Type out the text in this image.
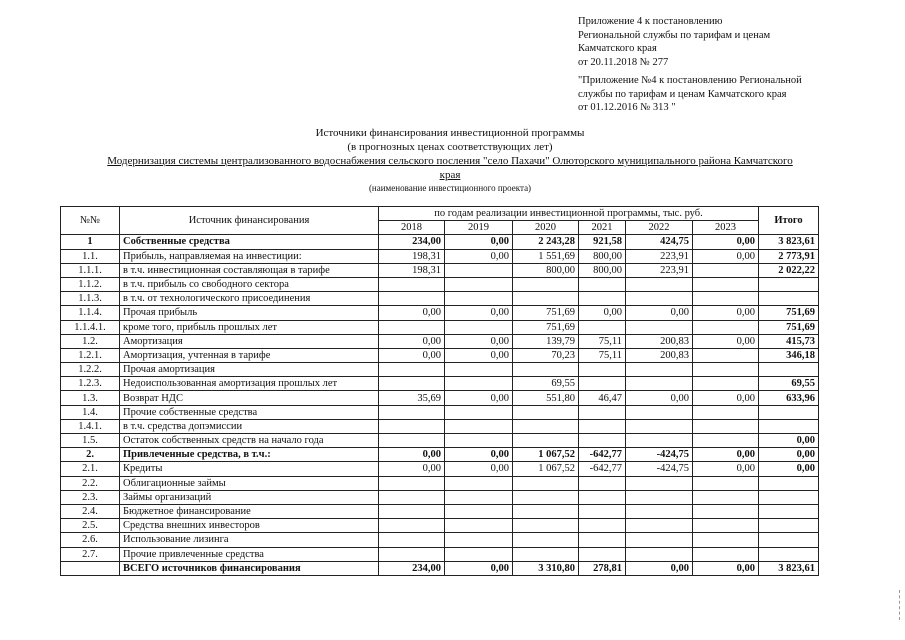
Приложение 4 к постановлению
Региональной службы по тарифам и ценам
Камчатского края
от 20.11.2018 № 277
"Приложение №4 к постановлению Региональной
службы по тарифам и ценам Камчатского края
от 01.12.2016 № 313 "
Источники финансирования инвестиционной программы
(в прогнозных ценах соответствующих лет)
Модернизация системы централизованного водоснабжения сельского посления "село Пахачи" Олюторского муниципального района Камчатского
края
(наименование инвестиционного проекта)
№№	Источник финансирования	по годам реализации инвестиционной программы, тыс. руб.						Итого
		2018	2019	2020	2021	2022	2023	
1	Собственные средства	234,00	0,00	2 243,28	921,58	424,75	0,00	3 823,61
1.1.	Прибыль, направляемая на инвестиции:	198,31	0,00	1 551,69	800,00	223,91	0,00	2 773,91
1.1.1.	в т.ч. инвестиционная составляющая в тарифе	198,31		800,00	800,00	223,91		2 022,22
1.1.2.	в т.ч. прибыль со свободного сектора							
1.1.3.	в т.ч. от технологического присоединения							
1.1.4.	Прочая прибыль	0,00	0,00	751,69	0,00	0,00	0,00	751,69
1.1.4.1.	кроме того, прибыль прошлых лет			751,69				751,69
1.2.	Амортизация	0,00	0,00	139,79	75,11	200,83	0,00	415,73
1.2.1.	Амортизация, учтенная в тарифе	0,00	0,00	70,23	75,11	200,83		346,18
1.2.2.	Прочая амортизация							
1.2.3.	Недоиспользованная амортизация прошлых лет			69,55				69,55
1.3.	Возврат НДС	35,69	0,00	551,80	46,47	0,00	0,00	633,96
1.4.	Прочие собственные средства							
1.4.1.	в т.ч. средства допэмиссии							
1.5.	Остаток собственных средств на начало года							0,00
2.	Привлеченные средства, в т.ч.:	0,00	0,00	1 067,52	-642,77	-424,75	0,00	0,00
2.1.	Кредиты	0,00	0,00	1 067,52	-642,77	-424,75	0,00	0,00
2.2.	Облигационные займы							
2.3.	Займы организаций							
2.4.	Бюджетное финансирование							
2.5.	Средства внешних инвесторов							
2.6.	Использование лизинга							
2.7.	Прочие привлеченные средства							
	ВСЕГО источников финансирования	234,00	0,00	3 310,80	278,81	0,00	0,00	3 823,61
